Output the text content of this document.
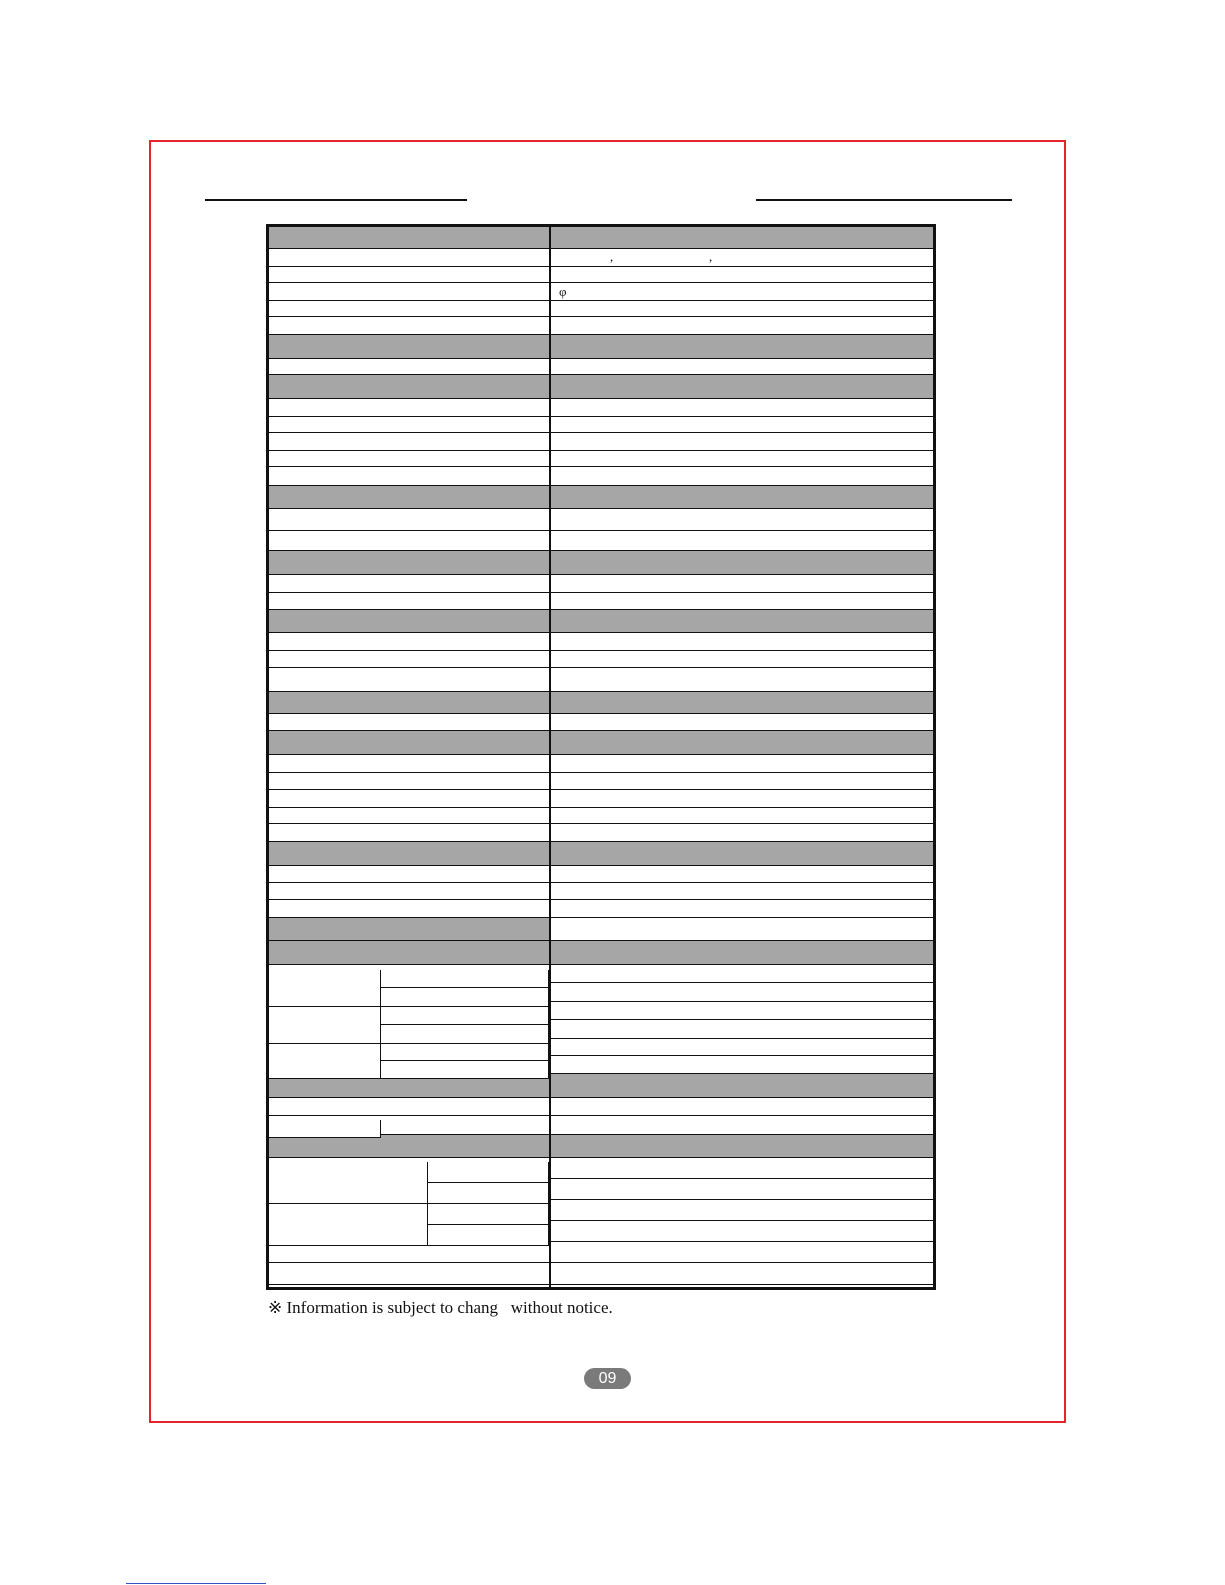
,	,
φ
※ Information is subject to chang   without notice.
09
